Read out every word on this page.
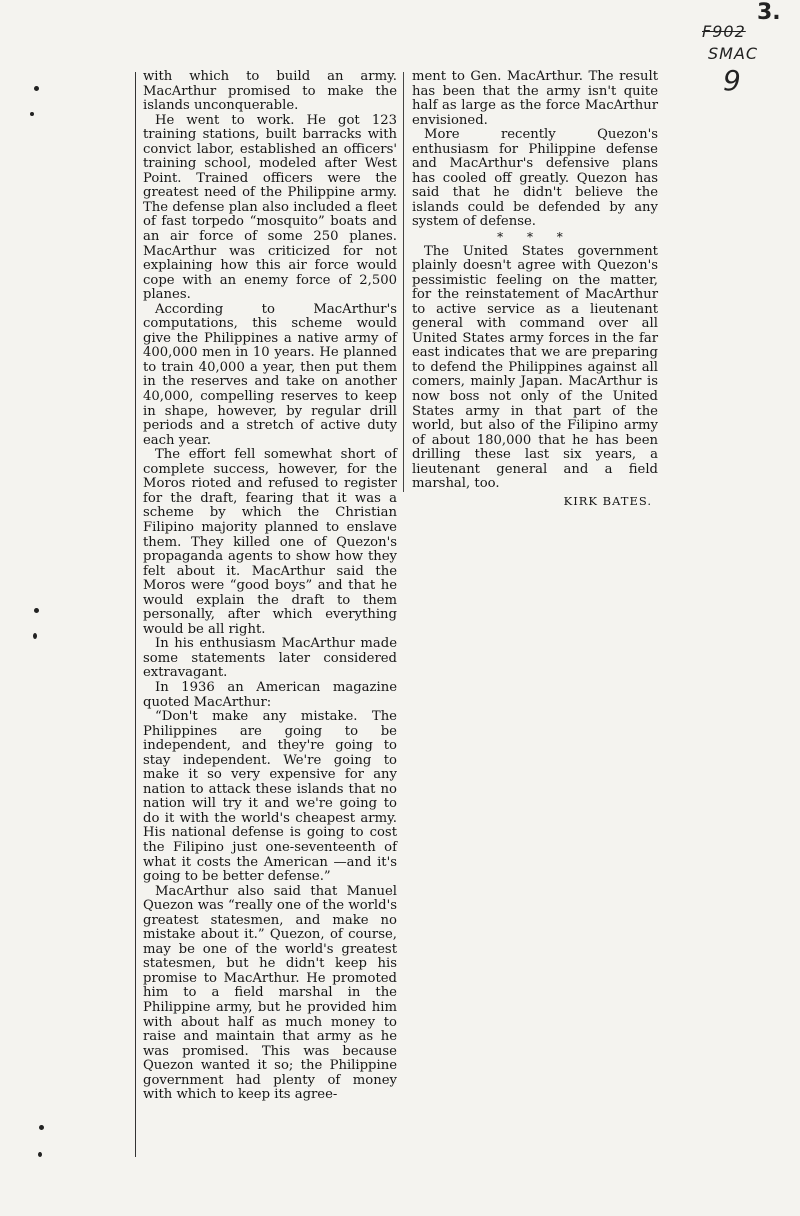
3.
F902
SMAC
9

with which to build an army. MacArthur promised to make the islands unconquerable.

He went to work. He got 123 training stations, built barracks with convict labor, established an officers' training school, modeled after West Point. Trained officers were the greatest need of the Philippine army. The defense plan also included a fleet of fast torpedo “mosquito” boats and an air force of some 250 planes. MacArthur was criticized for not explaining how this air force would cope with an enemy force of 2,500 planes.

According to MacArthur's computations, this scheme would give the Philippines a native army of 400,000 men in 10 years. He planned to train 40,000 a year, then put them in the reserves and take on another 40,000, compelling reserves to keep in shape, however, by regular drill periods and a stretch of active duty each year.

The effort fell somewhat short of complete success, however, for the Moros rioted and refused to register for the draft, fearing that it was a scheme by which the Christian Filipino majority planned to enslave them. They killed one of Quezon's propaganda agents to show how they felt about it. MacArthur said the Moros were “good boys” and that he would explain the draft to them personally, after which everything would be all right.

In his enthusiasm MacArthur made some statements later considered extravagant.

In 1936 an American magazine quoted MacArthur:

“Don't make any mistake. The Philippines are going to be independent, and they're going to stay independent. We're going to make it so very expensive for any nation to attack these islands that no nation will try it and we're going to do it with the world's cheapest army. His national defense is going to cost the Filipino just one-seventeenth of what it costs the American —and it's going to be better defense.”

MacArthur also said that Manuel Quezon was “really one of the world's greatest statesmen, and make no mistake about it.” Quezon, of course, may be one of the world's greatest statesmen, but he didn't keep his promise to MacArthur. He promoted him to a field marshal in the Philippine army, but he provided him with about half as much money to raise and maintain that army as he was promised. This was because Quezon wanted it so; the Philippine government had plenty of money with which to keep its agree-

ment to Gen. MacArthur. The result has been that the army isn't quite half as large as the force MacArthur envisioned.

More recently Quezon's enthusiasm for Philippine defense and MacArthur's defensive plans has cooled off greatly. Quezon has said that he didn't believe the islands could be defended by any system of defense.

* * *

The United States government plainly doesn't agree with Quezon's pessimistic feeling on the matter, for the reinstatement of MacArthur to active service as a lieutenant general with command over all United States army forces in the far east indicates that we are preparing to defend the Philippines against all comers, mainly Japan. MacArthur is now boss not only of the United States army in that part of the world, but also of the Filipino army of about 180,000 that he has been drilling these last six years, a lieutenant general and a field marshal, too.

KIRK BATES.
